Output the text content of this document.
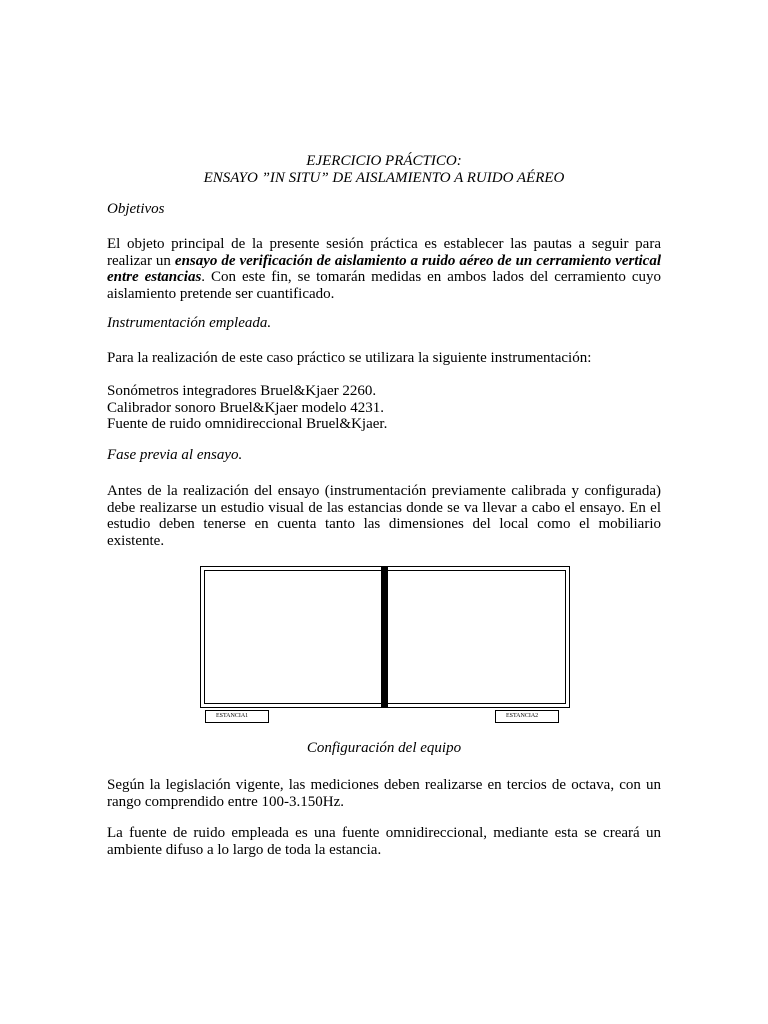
EJERCICIO PRÁCTICO:
ENSAYO ”IN SITU” DE AISLAMIENTO A RUIDO AÉREO
Objetivos
El objeto principal de la presente sesión práctica es establecer las pautas a seguir para realizar un ensayo de verificación de aislamiento a ruido aéreo de un cerramiento vertical entre estancias. Con este fin, se tomarán medidas en ambos lados del cerramiento cuyo aislamiento pretende ser cuantificado.
Instrumentación empleada.
Para la realización de este caso práctico se utilizara la siguiente instrumentación:
Sonómetros integradores Bruel&Kjaer 2260.
Calibrador sonoro Bruel&Kjaer modelo 4231.
Fuente de ruido omnidireccional Bruel&Kjaer.
Fase previa al ensayo.
Antes de la realización del ensayo (instrumentación previamente calibrada y configurada) debe realizarse un estudio visual de las estancias donde se va llevar a cabo el ensayo. En el estudio deben tenerse en cuenta tanto las dimensiones del local como el mobiliario existente.
ESTANCIA1	ESTANCIA2
Configuración del equipo
Según la legislación vigente, las mediciones deben realizarse en tercios de octava, con un rango comprendido entre 100-3.150Hz.
La fuente de ruido empleada es una fuente omnidireccional, mediante esta se creará un ambiente difuso a lo largo de toda la estancia.
